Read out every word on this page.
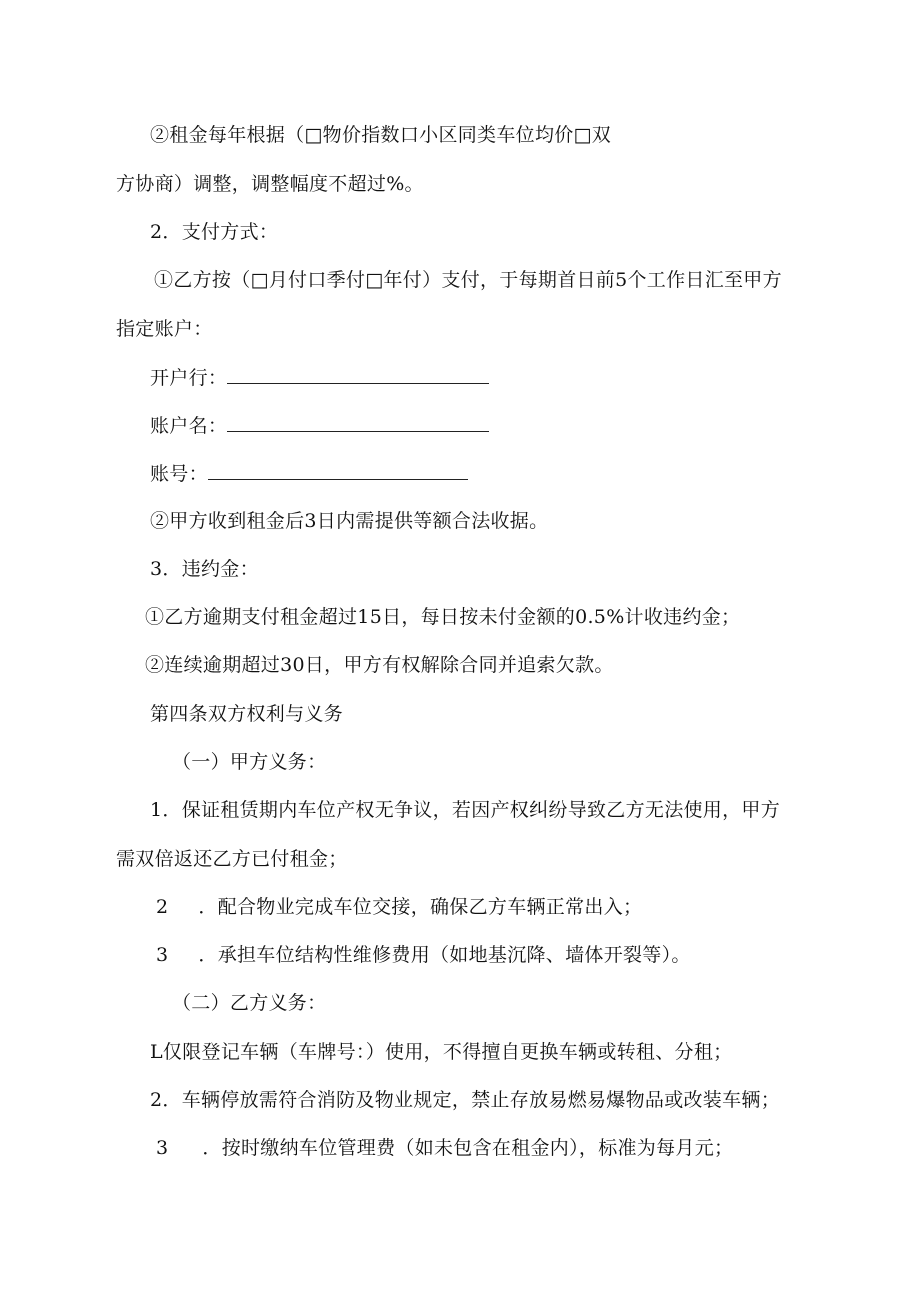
②租金每年根据（□物价指数口小区同类车位均价□双
方协商）调整，调整幅度不超过%。
2．支付方式：
①乙方按（□月付口季付□年付）支付，于每期首日前5个工作日汇至甲方
指定账户：
开户行：
账户名：
账号：
②甲方收到租金后3日内需提供等额合法收据。
3．违约金：
①乙方逾期支付租金超过15日，每日按未付金额的0.5%计收违约金；
②连续逾期超过30日，甲方有权解除合同并追索欠款。
第四条双方权利与义务
（一）甲方义务：
1．保证租赁期内车位产权无争议，若因产权纠纷导致乙方无法使用，甲方
需双倍返还乙方已付租金；
2 ．配合物业完成车位交接，确保乙方车辆正常出入；
3 ．承担车位结构性维修费用（如地基沉降、墙体开裂等）。
（二）乙方义务：
L仅限登记车辆（车牌号：）使用，不得擅自更换车辆或转租、分租；
2．车辆停放需符合消防及物业规定，禁止存放易燃易爆物品或改装车辆；
3 ．按时缴纳车位管理费（如未包含在租金内），标准为每月元；
